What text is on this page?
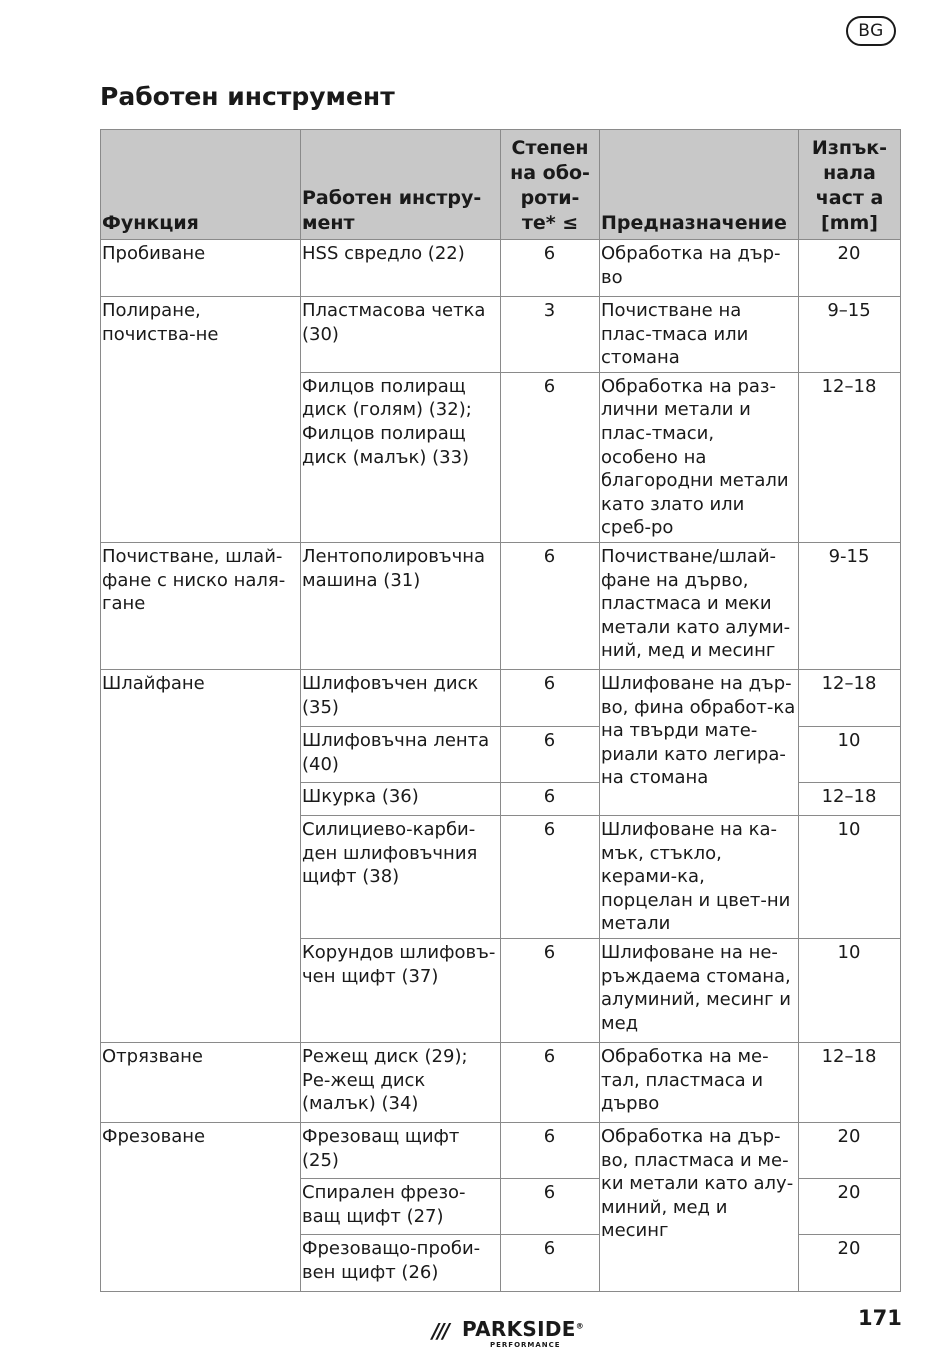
BG
Работен инструмент
Функция	Работен инстру-мент	Степен на обо-роти-те* ≤	Предназначение	Изпък-нала част a [mm]
Пробиване	HSS свредло (22)	6	Обработка на дър-во	20
Полиране, почиства-не	Пластмасова четка (30)	3	Почистване на плас-тмаса или стомана	9–15
	Филцов полиращ диск (голям) (32); Филцов полиращ диск (малък) (33)	6	Обработка на раз-лични метали и плас-тмаси, особено на благородни метали като злато или среб-ро	12–18
Почистване, шлай-фане с ниско наля-гане	Лентополировъчна машина (31)	6	Почистване/шлай-фане на дърво, пластмаса и меки метали като алуми-ний, мед и месинг	9-15
Шлайфане	Шлифовъчен диск (35)	6	Шлифоване на дър-во, фина обработ-ка на твърди мате-риали като легира-на стомана	12–18
	Шлифовъчна лента (40)	6		10
	Шкурка (36)	6		12–18
	Силициево-карби-ден шлифовъчния щифт (38)	6	Шлифоване на ка-мък, стъкло, керами-ка, порцелан и цвет-ни метали	10
	Корундов шлифовъ-чен щифт (37)	6	Шлифоване на не-ръждаема стомана, алуминий, месинг и мед	10
Отрязване	Режещ диск (29); Ре-жещ диск (малък) (34)	6	Обработка на ме-тал, пластмаса и дърво	12–18
Фрезоване	Фрезоващ щифт (25)	6	Обработка на дър-во, пластмаса и ме-ки метали като алу-миний, мед и месинг	20
	Спирален фрезо-ващ щифт (27)	6		20
	Фрезоващо-проби-вен щифт (26)	6		20
/// PARKSIDE®
PERFORMANCE
171
